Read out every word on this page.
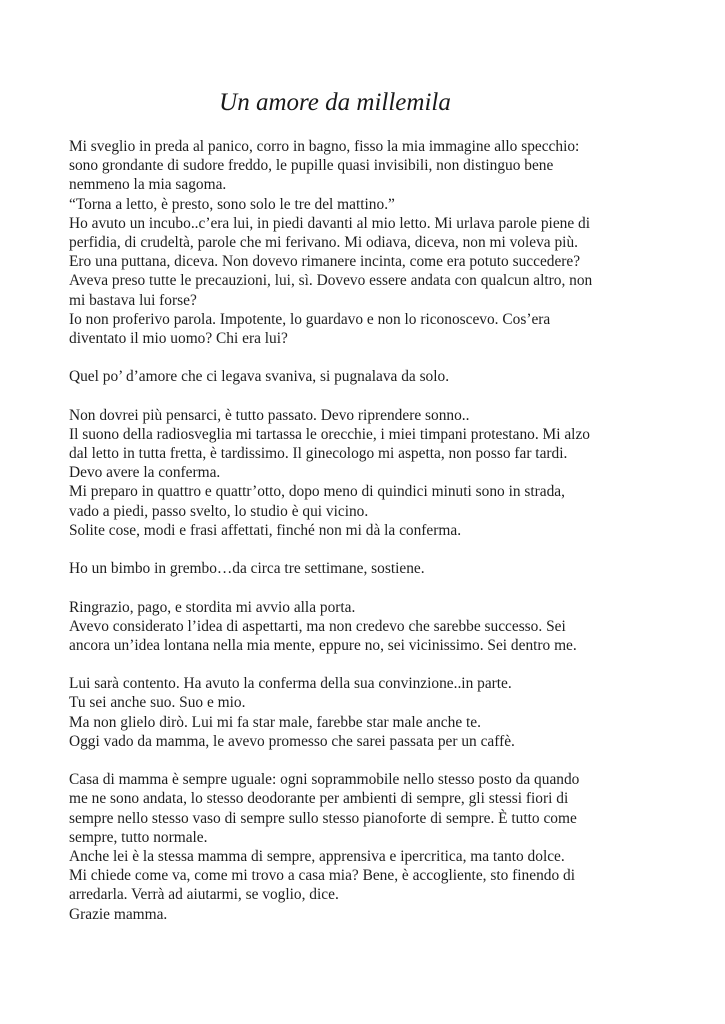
Un amore da millemila
Mi sveglio in preda al panico, corro in bagno, fisso la mia immagine allo specchio:
sono grondante di sudore freddo, le pupille quasi invisibili, non distinguo bene
nemmeno la mia sagoma.
“Torna a letto, è presto, sono solo le tre del mattino.”
Ho avuto un incubo..c’era lui, in piedi davanti al mio letto. Mi urlava parole piene di
perfidia, di crudeltà, parole che mi ferivano. Mi odiava, diceva, non mi voleva più.
Ero una puttana, diceva. Non dovevo rimanere incinta, come era potuto succedere?
Aveva preso tutte le precauzioni, lui, sì. Dovevo essere andata con qualcun altro, non
mi bastava lui forse?
Io non proferivo parola. Impotente, lo guardavo e non lo riconoscevo. Cos’era
diventato il mio uomo? Chi era lui?
Quel po’ d’amore che ci legava svaniva, si pugnalava da solo.
Non dovrei più pensarci, è tutto passato. Devo riprendere sonno..
Il suono della radiosveglia mi tartassa le orecchie, i miei timpani protestano. Mi alzo
dal letto in tutta fretta, è tardissimo. Il ginecologo mi aspetta, non posso far tardi.
Devo avere la conferma.
Mi preparo in quattro e quattr’otto, dopo meno di quindici minuti sono in strada,
vado a piedi, passo svelto, lo studio è qui vicino.
Solite cose, modi e frasi affettati, finché non mi dà la conferma.
Ho un bimbo in grembo…da circa tre settimane, sostiene.
Ringrazio, pago, e stordita mi avvio alla porta.
Avevo considerato l’idea di aspettarti, ma non credevo che sarebbe successo. Sei
ancora un’idea lontana nella mia mente, eppure no, sei vicinissimo. Sei dentro me.
Lui sarà contento. Ha avuto la conferma della sua convinzione..in parte.
Tu sei anche suo. Suo e mio.
Ma non glielo dirò. Lui mi fa star male, farebbe star male anche te.
Oggi vado da mamma, le avevo promesso che sarei passata per un caffè.
Casa di mamma è sempre uguale: ogni soprammobile nello stesso posto da quando
me ne sono andata, lo stesso deodorante per ambienti di sempre, gli stessi fiori di
sempre nello stesso vaso di sempre sullo stesso pianoforte di sempre. È tutto come
sempre, tutto normale.
Anche lei è la stessa mamma di sempre, apprensiva e ipercritica, ma tanto dolce.
Mi chiede come va, come mi trovo a casa mia? Bene, è accogliente, sto finendo di
arredarla. Verrà ad aiutarmi, se voglio, dice.
Grazie mamma.
